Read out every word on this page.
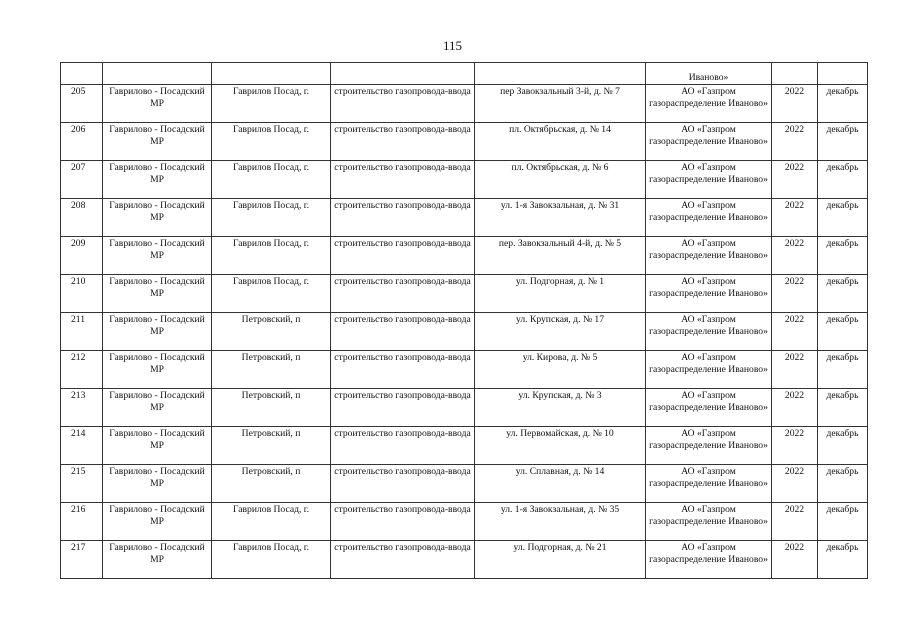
115
					Иваново»		
205	Гаврилово - Посадский МР	Гаврилов Посад, г.	строительство газопровода-ввода	пер Завокзальный 3-й, д. № 7	АО «Газпром газораспределение Иваново»	2022	декабрь
206	Гаврилово - Посадский МР	Гаврилов Посад, г.	строительство газопровода-ввода	пл. Октябрьская, д. № 14	АО «Газпром газораспределение Иваново»	2022	декабрь
207	Гаврилово - Посадский МР	Гаврилов Посад, г.	строительство газопровода-ввода	пл. Октябрьская, д. № 6	АО «Газпром газораспределение Иваново»	2022	декабрь
208	Гаврилово - Посадский МР	Гаврилов Посад, г.	строительство газопровода-ввода	ул. 1-я Завокзальная, д. № 31	АО «Газпром газораспределение Иваново»	2022	декабрь
209	Гаврилово - Посадский МР	Гаврилов Посад, г.	строительство газопровода-ввода	пер. Завокзальный 4-й, д. № 5	АО «Газпром газораспределение Иваново»	2022	декабрь
210	Гаврилово - Посадский МР	Гаврилов Посад, г.	строительство газопровода-ввода	ул. Подгорная, д. № 1	АО «Газпром газораспределение Иваново»	2022	декабрь
211	Гаврилово - Посадский МР	Петровский, п	строительство газопровода-ввода	ул. Крупская, д. № 17	АО «Газпром газораспределение Иваново»	2022	декабрь
212	Гаврилово - Посадский МР	Петровский, п	строительство газопровода-ввода	ул. Кирова, д. № 5	АО «Газпром газораспределение Иваново»	2022	декабрь
213	Гаврилово - Посадский МР	Петровский, п	строительство газопровода-ввода	ул. Крупская, д. № 3	АО «Газпром газораспределение Иваново»	2022	декабрь
214	Гаврилово - Посадский МР	Петровский, п	строительство газопровода-ввода	ул. Первомайская, д. № 10	АО «Газпром газораспределение Иваново»	2022	декабрь
215	Гаврилово - Посадский МР	Петровский, п	строительство газопровода-ввода	ул. Сплавная, д. № 14	АО «Газпром газораспределение Иваново»	2022	декабрь
216	Гаврилово - Посадский МР	Гаврилов Посад, г.	строительство газопровода-ввода	ул. 1-я Завокзальная, д. № 35	АО «Газпром газораспределение Иваново»	2022	декабрь
217	Гаврилово - Посадский МР	Гаврилов Посад, г.	строительство газопровода-ввода	ул. Подгорная, д. № 21	АО «Газпром газораспределение Иваново»	2022	декабрь
